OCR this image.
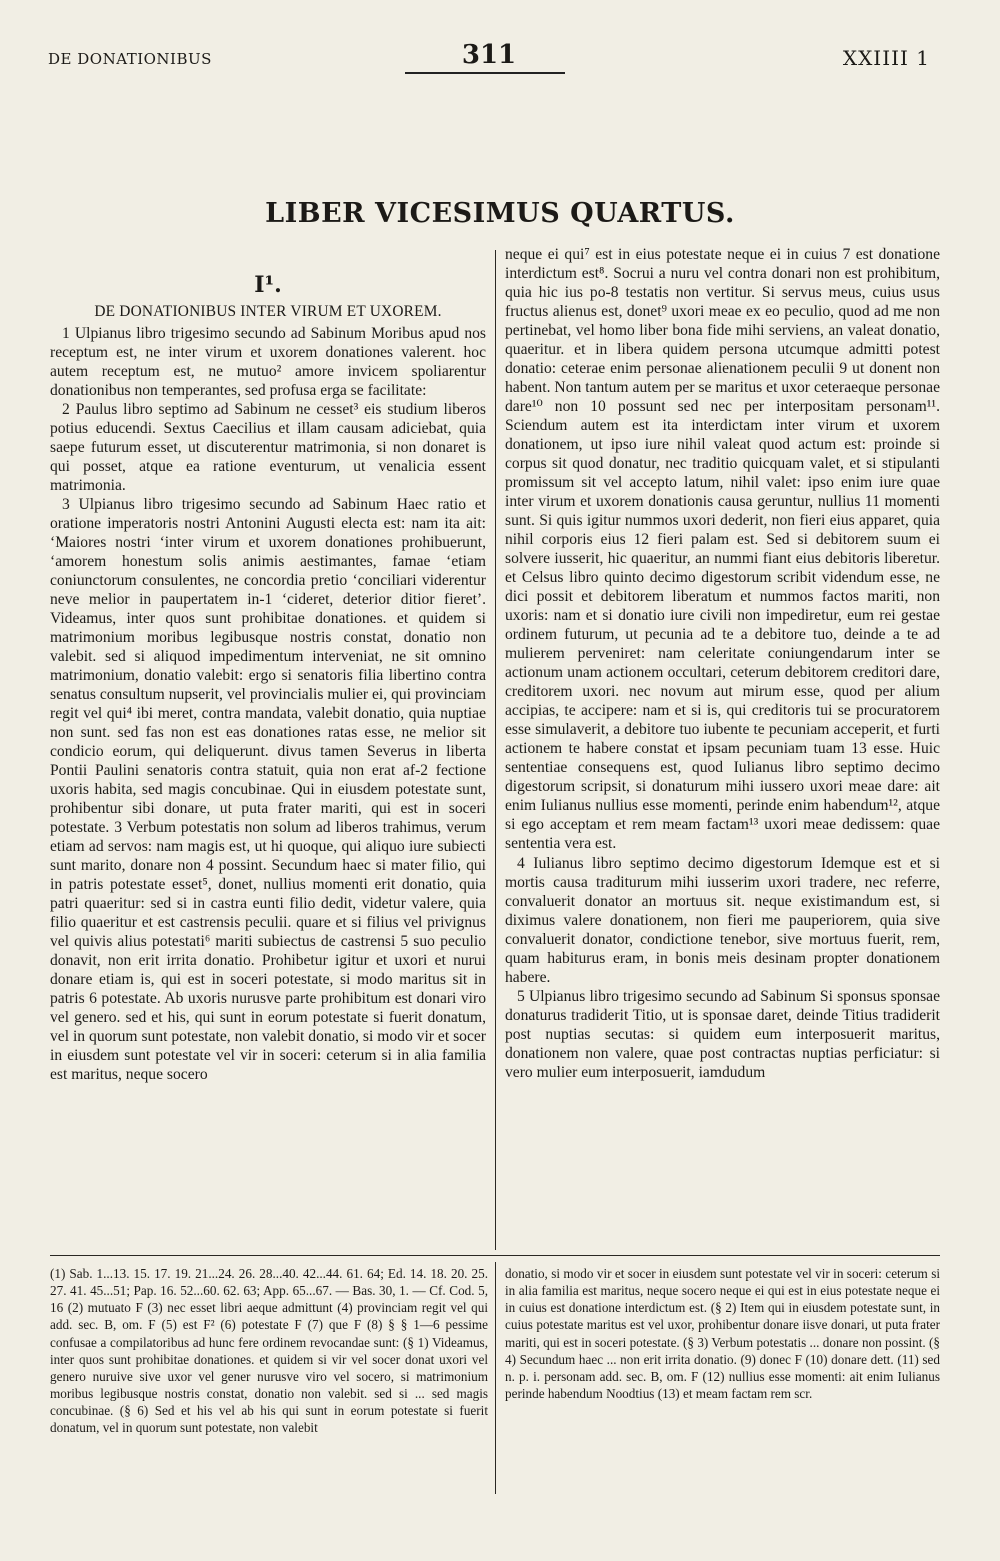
DE DONATIONIBUS	311	XXIIII 1
LIBER VICESIMUS QUARTUS.
I¹.
DE DONATIONIBUS INTER VIRUM ET UXOREM.

1 Ulpianus libro trigesimo secundo ad Sabinum Moribus apud nos receptum est, ne inter virum et uxorem donationes valerent. hoc autem receptum est, ne mutuo² amore invicem spoliarentur donationibus non temperantes, sed profusa erga se facilitate:

2 Paulus libro septimo ad Sabinum ne cesset³ eis studium liberos potius educendi. Sextus Caecilius et illam causam adiciebat, quia saepe futurum esset, ut discuterentur matrimonia, si non donaret is qui posset, atque ea ratione eventurum, ut venalicia essent matrimonia.

3 Ulpianus libro trigesimo secundo ad Sabinum Haec ratio et oratione imperatoris nostri Antonini Augusti electa est: nam ita ait: ‘Maiores nostri ‘inter virum et uxorem donationes prohibuerunt, ‘amorem honestum solis animis aestimantes, famae ‘etiam coniunctorum consulentes, ne concordia pretio ‘conciliari viderentur neve melior in paupertatem in-1 ‘cideret, deterior ditior fieret’. Videamus, inter quos sunt prohibitae donationes. et quidem si matrimonium moribus legibusque nostris constat, donatio non valebit. sed si aliquod impedimentum interveniat, ne sit omnino matrimonium, donatio valebit: ergo si senatoris filia libertino contra senatus consultum nupserit, vel provincialis mulier ei, qui provinciam regit vel qui⁴ ibi meret, contra mandata, valebit donatio, quia nuptiae non sunt. sed fas non est eas donationes ratas esse, ne melior sit condicio eorum, qui deliquerunt. divus tamen Severus in liberta Pontii Paulini senatoris contra statuit, quia non erat af-2 fectione uxoris habita, sed magis concubinae. Qui in eiusdem potestate sunt, prohibentur sibi donare, ut puta frater mariti, qui est in soceri potestate. 3 Verbum potestatis non solum ad liberos trahimus, verum etiam ad servos: nam magis est, ut hi quoque, qui aliquo iure subiecti sunt marito, donare non 4 possint. Secundum haec si mater filio, qui in patris potestate esset⁵, donet, nullius momenti erit donatio, quia patri quaeritur: sed si in castra eunti filio dedit, videtur valere, quia filio quaeritur et est castrensis peculii. quare et si filius vel privignus vel quivis alius potestati⁶ mariti subiectus de castrensi 5 suo peculio donavit, non erit irrita donatio. Prohibetur igitur et uxori et nurui donare etiam is, qui est in soceri potestate, si modo maritus sit in patris 6 potestate. Ab uxoris nurusve parte prohibitum est donari viro vel genero. sed et his, qui sunt in eorum potestate si fuerit donatum, vel in quorum sunt potestate, non valebit donatio, si modo vir et socer in eiusdem sunt potestate vel vir in soceri: ceterum si in alia familia est maritus, neque socero

neque ei qui⁷ est in eius potestate neque ei in cuius 7 est donatione interdictum est⁸. Socrui a nuru vel contra donari non est prohibitum, quia hic ius po-8 testatis non vertitur. Si servus meus, cuius usus fructus alienus est, donet⁹ uxori meae ex eo peculio, quod ad me non pertinebat, vel homo liber bona fide mihi serviens, an valeat donatio, quaeritur. et in libera quidem persona utcumque admitti potest donatio: ceterae enim personae alienationem peculii 9 ut donent non habent. Non tantum autem per se maritus et uxor ceteraeque personae dare¹⁰ non 10 possunt sed nec per interpositam personam¹¹. Sciendum autem est ita interdictam inter virum et uxorem donationem, ut ipso iure nihil valeat quod actum est: proinde si corpus sit quod donatur, nec traditio quicquam valet, et si stipulanti promissum sit vel accepto latum, nihil valet: ipso enim iure quae inter virum et uxorem donationis causa geruntur, nullius 11 momenti sunt. Si quis igitur nummos uxori dederit, non fieri eius apparet, quia nihil corporis eius 12 fieri palam est. Sed si debitorem suum ei solvere iusserit, hic quaeritur, an nummi fiant eius debitoris liberetur. et Celsus libro quinto decimo digestorum scribit videndum esse, ne dici possit et debitorem liberatum et nummos factos mariti, non uxoris: nam et si donatio iure civili non impediretur, eum rei gestae ordinem futurum, ut pecunia ad te a debitore tuo, deinde a te ad mulierem perveniret: nam celeritate coniungendarum inter se actionum unam actionem occultari, ceterum debitorem creditori dare, creditorem uxori. nec novum aut mirum esse, quod per alium accipias, te accipere: nam et si is, qui creditoris tui se procuratorem esse simulaverit, a debitore tuo iubente te pecuniam acceperit, et furti actionem te habere constat et ipsam pecuniam tuam 13 esse. Huic sententiae consequens est, quod Iulianus libro septimo decimo digestorum scripsit, si donaturum mihi iussero uxori meae dare: ait enim Iulianus nullius esse momenti, perinde enim habendum¹², atque si ego acceptam et rem meam factam¹³ uxori meae dedissem: quae sententia vera est.

4 Iulianus libro septimo decimo digestorum Idemque est et si mortis causa traditurum mihi iusserim uxori tradere, nec referre, convaluerit donator an mortuus sit. neque existimandum est, si diximus valere donationem, non fieri me pauperiorem, quia sive convaluerit donator, condictione tenebor, sive mortuus fuerit, rem, quam habiturus eram, in bonis meis desinam propter donationem habere.

5 Ulpianus libro trigesimo secundo ad Sabinum Si sponsus sponsae donaturus tradiderit Titio, ut is sponsae daret, deinde Titius tradiderit post nuptias secutas: si quidem eum interposuerit maritus, donationem non valere, quae post contractas nuptias perficiatur: si vero mulier eum interposuerit, iamdudum

(1) Sab. 1...13. 15. 17. 19. 21...24. 26. 28...40. 42...44. 61. 64; Ed. 14. 18. 20. 25. 27. 41. 45...51; Pap. 16. 52...60. 62. 63; App. 65...67. — Bas. 30, 1. — Cf. Cod. 5, 16 (2) mutuato F (3) nec esset libri aeque admittunt (4) provinciam regit vel qui add. sec. B, om. F (5) est F² (6) potestate F (7) que F (8) § § 1—6 pessime confusae a compilatoribus ad hunc fere ordinem revocandae sunt: (§ 1) Videamus, inter quos sunt prohibitae donationes. et quidem si vir vel socer donat uxori vel genero nuruive sive uxor vel gener nurusve viro vel socero, si matrimonium moribus legibusque nostris constat, donatio non valebit. sed si ... sed magis concubinae. (§ 6) Sed et his vel ab his qui sunt in eorum potestate si fuerit donatum, vel in quorum sunt potestate, non valebit

donatio, si modo vir et socer in eiusdem sunt potestate vel vir in soceri: ceterum si in alia familia est maritus, neque socero neque ei qui est in eius potestate neque ei in cuius est donatione interdictum est. (§ 2) Item qui in eiusdem potestate sunt, in cuius potestate maritus est vel uxor, prohibentur donare iisve donari, ut puta frater mariti, qui est in soceri potestate. (§ 3) Verbum potestatis ... donare non possint. (§ 4) Secundum haec ... non erit irrita donatio. (9) donec F (10) donare dett. (11) sed n. p. i. personam add. sec. B, om. F (12) nullius esse momenti: ait enim Iulianus perinde habendum Noodtius (13) et meam factam rem scr.
